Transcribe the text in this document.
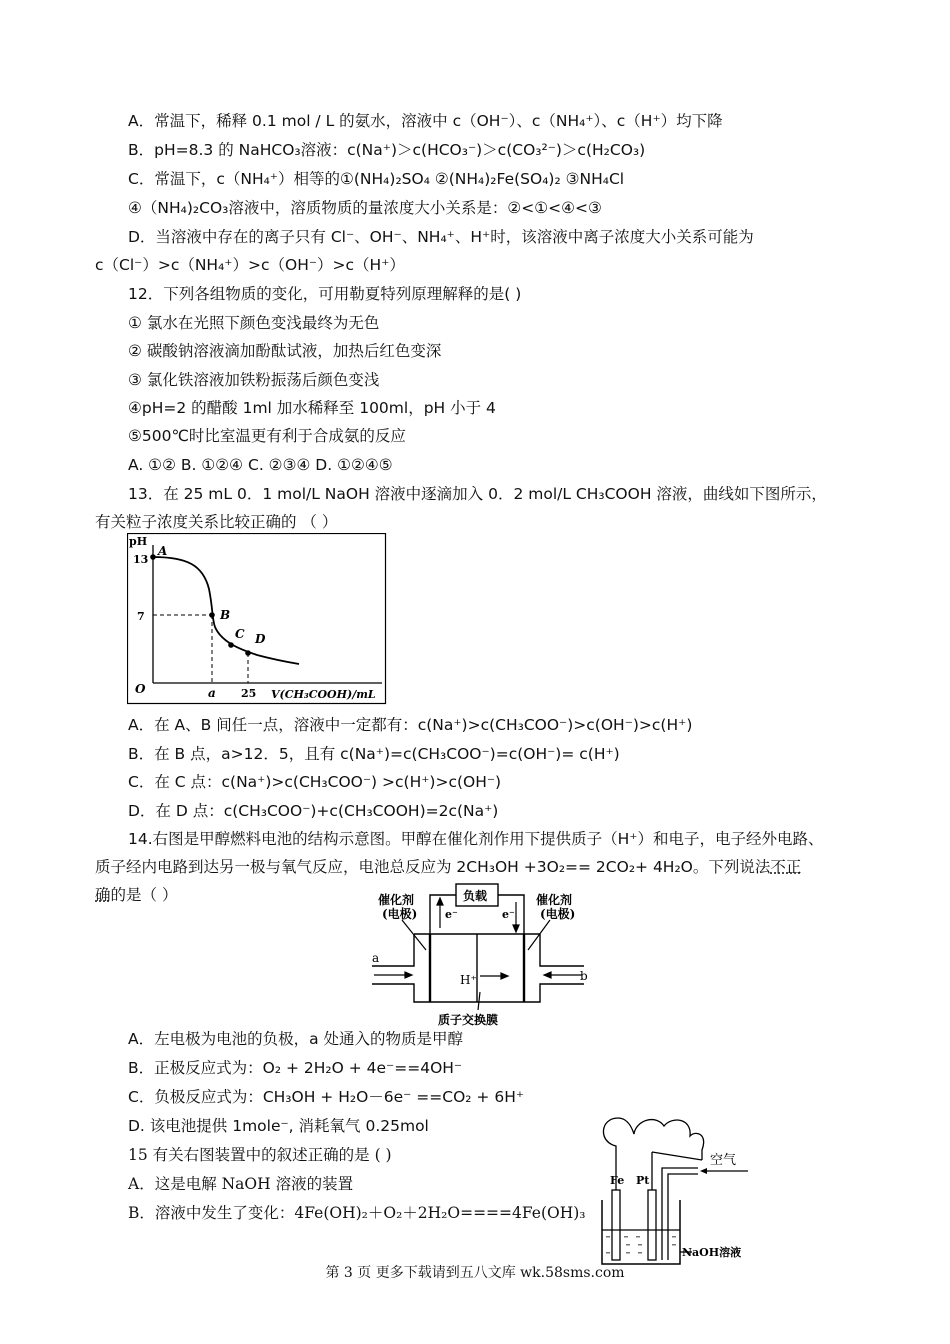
A．常温下，稀释 0.1 mol / L 的氨水，溶液中 c（OH⁻）、c（NH₄⁺）、c（H⁺）均下降
B．pH=8.3 的 NaHCO₃溶液：c(Na⁺)＞c(HCO₃⁻)＞c(CO₃²⁻)＞c(H₂CO₃)
C．常温下，c（NH₄⁺）相等的①(NH₄)₂SO₄ ②(NH₄)₂Fe(SO₄)₂ ③NH₄Cl
④（NH₄)₂CO₃溶液中，溶质物质的量浓度大小关系是：②<①<④<③
D．当溶液中存在的离子只有 Cl⁻、OH⁻、NH₄⁺、H⁺时，该溶液中离子浓度大小关系可能为
c（Cl⁻）>c（NH₄⁺）>c（OH⁻）>c（H⁺）
12．下列各组物质的变化，可用勒夏特列原理解释的是( )
① 氯水在光照下颜色变浅最终为无色
② 碳酸钠溶液滴加酚酞试液，加热后红色变深
③ 氯化铁溶液加铁粉振荡后颜色变浅
④pH=2 的醋酸 1ml 加水稀释至 100ml，pH 小于 4
⑤500℃时比室温更有利于合成氨的反应
A. ①② B. ①②④ C. ②③④ D. ①②④⑤
13．在 25 mL 0．1 mol/L NaOH 溶液中逐滴加入 0．2 mol/L CH₃COOH 溶液，曲线如下图所示，
有关粒子浓度关系比较正确的 （ ）
pH
13
7
O	a 25 V(CH₃COOH)/mL
A
B
C D
A．在 A、B 间任一点，溶液中一定都有：c(Na⁺)>c(CH₃COO⁻)>c(OH⁻)>c(H⁺)
B．在 B 点，a>12．5，且有 c(Na⁺)=c(CH₃COO⁻)=c(OH⁻)= c(H⁺)
C．在 C 点：c(Na⁺)>c(CH₃COO⁻) >c(H⁺)>c(OH⁻)
D．在 D 点：c(CH₃COO⁻)+c(CH₃COOH)=2c(Na⁺)
14.右图是甲醇燃料电池的结构示意图。甲醇在催化剂作用下提供质子（H⁺）和电子，电子经外电路、
质子经内电路到达另一极与氧气反应，电池总反应为 2CH₃OH +3O₂== 2CO₂+ 4H₂O。下列说法不正
确的是（ ）	负载
催化剂
(电极)
催化剂
(电极)
e⁻	e⁻
a
b
H⁺
质子交换膜
A．左电极为电池的负极，a 处通入的物质是甲醇
B．正极反应式为：O₂ + 2H₂O + 4e⁻==4OH⁻
C．负极反应式为：CH₃OH + H₂O－6e⁻ ==CO₂ + 6H⁺
D. 该电池提供 1mole⁻, 消耗氧气 0.25mol
15 有关右图装置中的叙述正确的是 ( )
A．这是电解 NaOH 溶液的装置
B．溶液中发生了变化：4Fe(OH)₂＋O₂＋2H₂O====4Fe(OH)₃
空气
Fe Pt
NaOH溶液
第 3 页 更多下载请到五八文库 wk.58sms.com
